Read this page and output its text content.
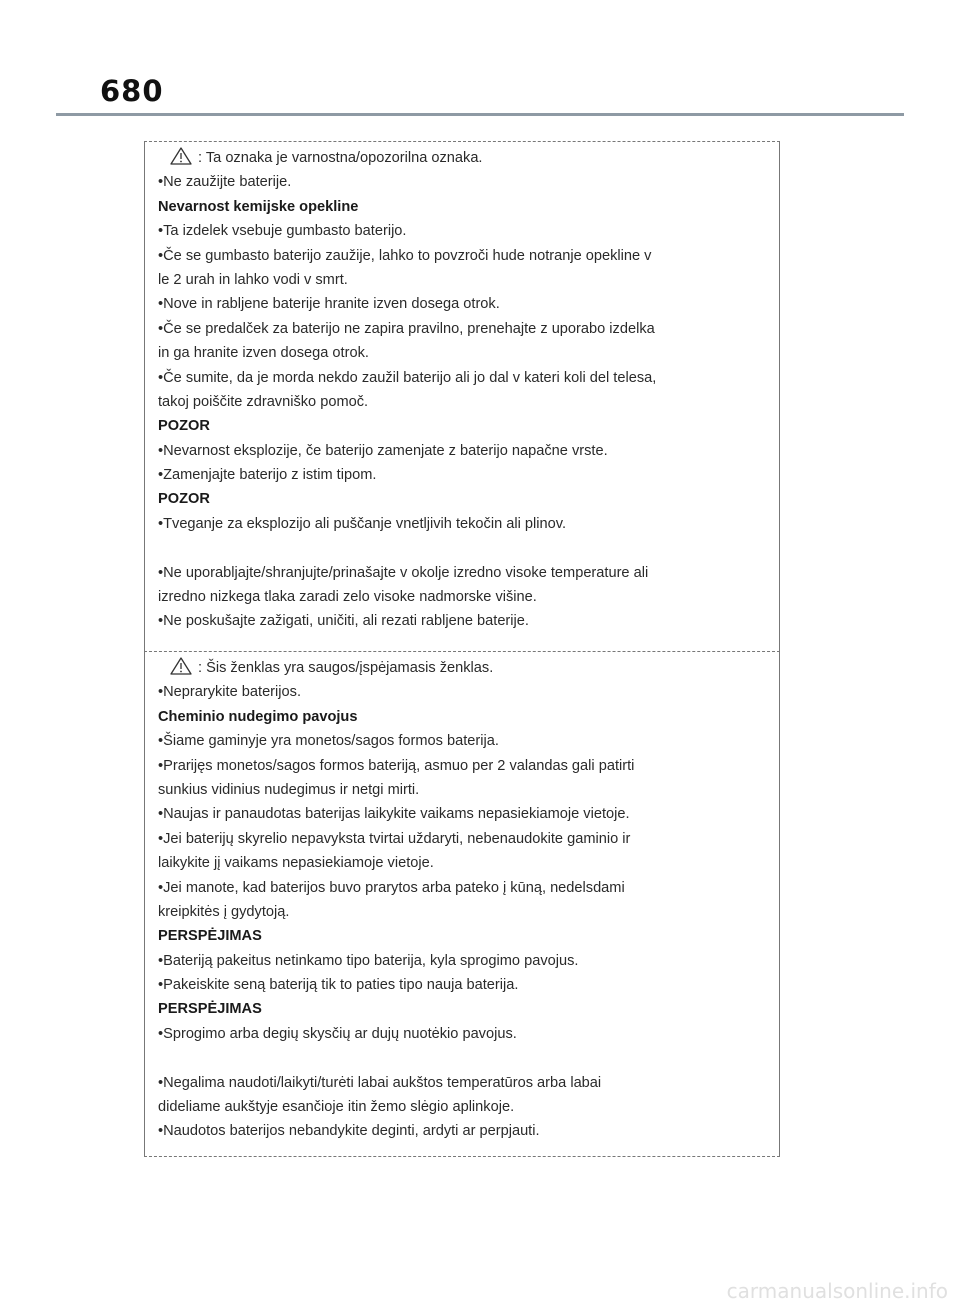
680
: Ta oznaka je varnostna/opozorilna oznaka.
•Ne zaužijte baterije.
Nevarnost kemijske opekline
•Ta izdelek vsebuje gumbasto baterijo.
•Če se gumbasto baterijo zaužije, lahko to povzroči hude notranje opekline v
le 2 urah in lahko vodi v smrt.
•Nove in rabljene baterije hranite izven dosega otrok.
•Če se predalček za baterijo ne zapira pravilno, prenehajte z uporabo izdelka
in ga hranite izven dosega otrok.
•Če sumite, da je morda nekdo zaužil baterijo ali jo dal v kateri koli del telesa,
takoj poiščite zdravniško pomoč.
POZOR
•Nevarnost eksplozije, če baterijo zamenjate z baterijo napačne vrste.
•Zamenjajte baterijo z istim tipom.
POZOR
•Tveganje za eksplozijo ali puščanje vnetljivih tekočin ali plinov.
•Ne uporabljajte/shranjujte/prinašajte v okolje izredno visoke temperature ali
izredno nizkega tlaka zaradi zelo visoke nadmorske višine.
•Ne poskušajte zažigati, uničiti, ali rezati rabljene baterije.
: Šis ženklas yra saugos/įspėjamasis ženklas.
•Neprarykite baterijos.
Cheminio nudegimo pavojus
•Šiame gaminyje yra monetos/sagos formos baterija.
•Prarijęs monetos/sagos formos bateriją, asmuo per 2 valandas gali patirti
sunkius vidinius nudegimus ir netgi mirti.
•Naujas ir panaudotas baterijas laikykite vaikams nepasiekiamoje vietoje.
•Jei baterijų skyrelio nepavyksta tvirtai uždaryti, nebenaudokite gaminio ir
laikykite jį vaikams nepasiekiamoje vietoje.
•Jei manote, kad baterijos buvo prarytos arba pateko į kūną, nedelsdami
kreipkitės į gydytoją.
PERSPĖJIMAS
•Bateriją pakeitus netinkamo tipo baterija, kyla sprogimo pavojus.
•Pakeiskite seną bateriją tik to paties tipo nauja baterija.
PERSPĖJIMAS
•Sprogimo arba degių skysčių ar dujų nuotėkio pavojus.
•Negalima naudoti/laikyti/turėti labai aukštos temperatūros arba labai
dideliame aukštyje esančioje itin žemo slėgio aplinkoje.
•Naudotos baterijos nebandykite deginti, ardyti ar perpjauti.
carmanualsonline.info
